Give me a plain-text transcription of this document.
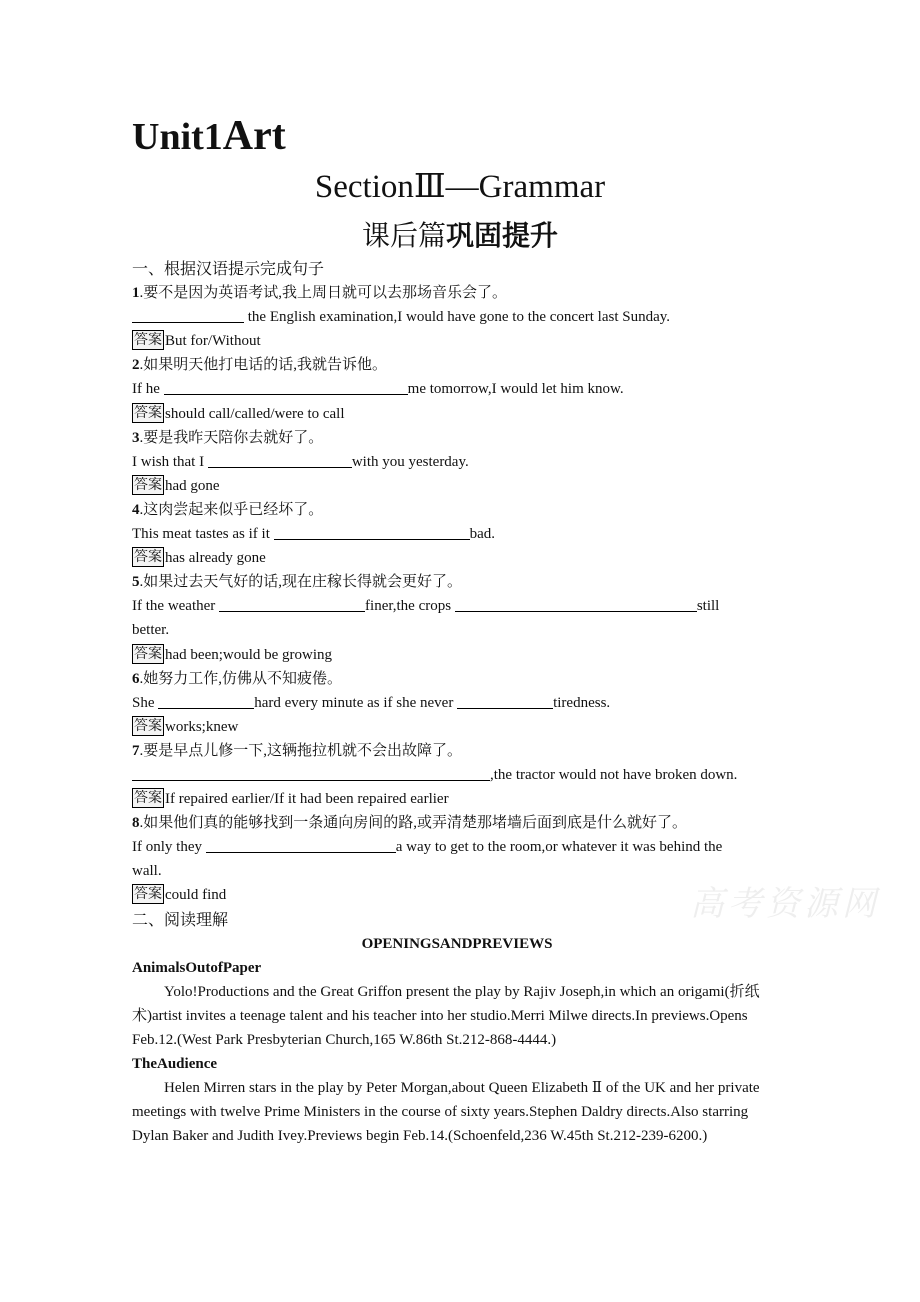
Unit1Art
SectionⅢ—Grammar
课后篇巩固提升
一、根据汉语提示完成句子
1.要不是因为英语考试,我上周日就可以去那场音乐会了。
the English examination,I would have gone to the concert last Sunday.
答案 But for/Without
2.如果明天他打电话的话,我就告诉他。
If he	me tomorrow,I would let him know.
答案 should call/called/were to call
3.要是我昨天陪你去就好了。
I wish that I	with you yesterday.
答案 had gone
4.这肉尝起来似乎已经坏了。
This meat tastes as if it	bad.
答案 has already gone
5.如果过去天气好的话,现在庄稼长得就会更好了。
If the weather	finer,the crops	still
better.
答案 had been;would be growing
6.她努力工作,仿佛从不知疲倦。
She	hard every minute as if she never	tiredness.
答案 works;knew
7.要是早点儿修一下,这辆拖拉机就不会出故障了。
,the tractor would not have broken down.
答案 If repaired earlier/If it had been repaired earlier
8.如果他们真的能够找到一条通向房间的路,或弄清楚那堵墙后面到底是什么就好了。
If only they	a way to get to the room,or whatever it was behind the
wall.
答案 could find
二、阅读理解
OPENINGSANDPREVIEWS
AnimalsOutofPaper
Yolo!Productions and the Great Griffon present the play by Rajiv Joseph,in which an origami(折纸术)artist invites a teenage talent and his teacher into her studio.Merri Milwe directs.In previews.Opens Feb.12.(West Park Presbyterian Church,165 W.86th St.212-868-4444.)
TheAudience
Helen Mirren stars in the play by Peter Morgan,about Queen Elizabeth Ⅱ of the UK and her private meetings with twelve Prime Ministers in the course of sixty years.Stephen Daldry directs.Also starring Dylan Baker and Judith Ivey.Previews begin Feb.14.(Schoenfeld,236 W.45th St.212-239-6200.)
高考资源网
